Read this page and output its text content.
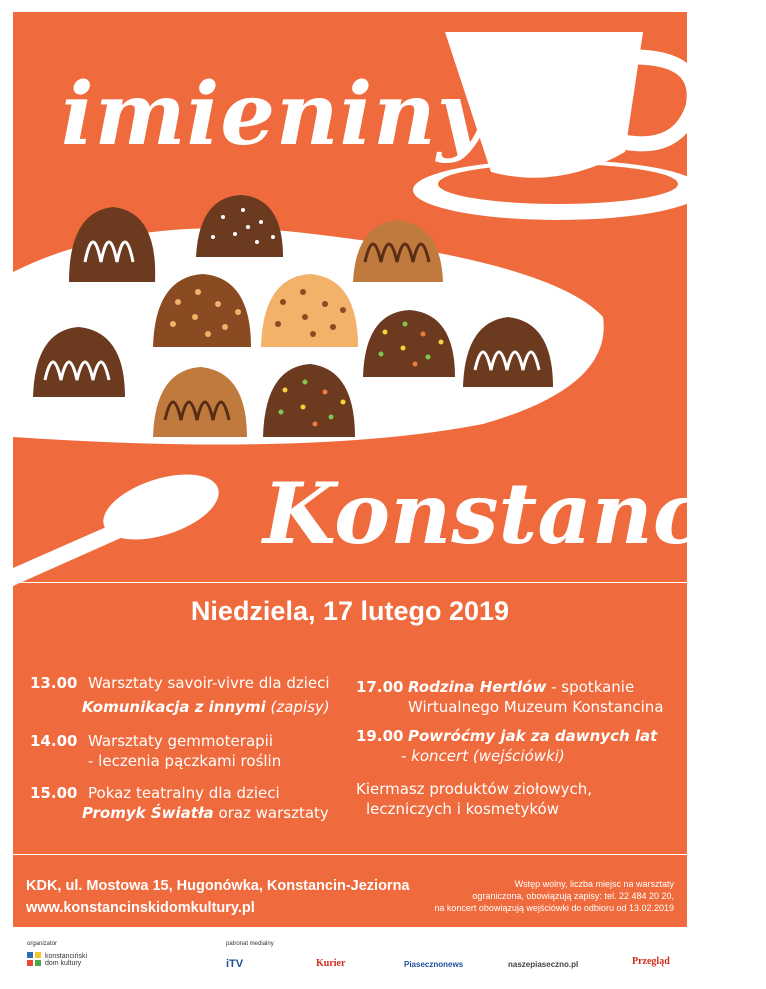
imieniny
Konstancji
Niedziela, 17 lutego 2019
13.00 Warsztaty savoir-vivre dla dzieci
Komunikacja z innymi (zapisy)
14.00 Warsztaty gemmoterapii
- leczenia pączkami roślin
15.00 Pokaz teatralny dla dzieci
Promyk Światła oraz warsztaty
17.00 Rodzina Hertlów - spotkanie
Wirtualnego Muzeum Konstancina
19.00 Powróćmy jak za dawnych lat
- koncert (wejściówki)
Kiermasz produktów ziołowych,
leczniczych i kosmetyków
KDK, ul. Mostowa 15, Hugonówka, Konstancin-Jeziorna
www.konstancinskidomkultury.pl
Wstęp wolny, liczba miejsc na warsztaty
ograniczona, obowiązują zapisy: tel. 22 484 20 20,
na koncert obowiązują wejściówki do odbioru od 13.02.2019
organizator
konstanciński dom kultury
patronat medialny
iTV	Kurier	Piasecznonews	naszepiaseczno.pl	Przegląd
